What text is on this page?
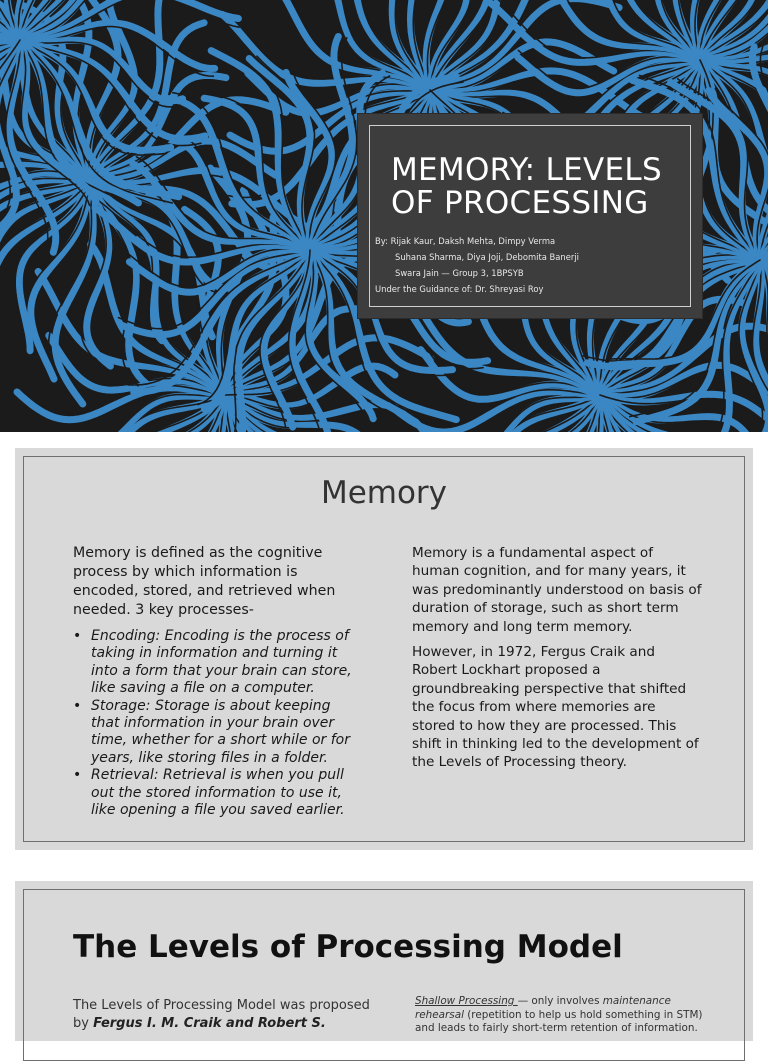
MEMORY: LEVELS
OF PROCESSING
By: Rijak Kaur, Daksh Mehta, Dimpy Verma
Suhana Sharma, Diya Joji, Debomita Banerji
Swara Jain — Group 3, 1BPSYB
Under the Guidance of: Dr. Shreyasi Roy
Memory

Memory is defined as the cognitive process by which information is encoded, stored, and retrieved when needed. 3 key processes-

• Encoding: Encoding is the process of taking in information and turning it into a form that your brain can store, like saving a file on a computer.
• Storage: Storage is about keeping that information in your brain over time, whether for a short while or for years, like storing files in a folder.
• Retrieval: Retrieval is when you pull out the stored information to use it, like opening a file you saved earlier.

Memory is a fundamental aspect of human cognition, and for many years, it was predominantly understood on basis of duration of storage, such as short term memory and long term memory.

However, in 1972, Fergus Craik and Robert Lockhart proposed a groundbreaking perspective that shifted the focus from where memories are stored to how they are processed. This shift in thinking led to the development of the Levels of Processing theory.

The Levels of Processing Model
The Levels of Processing Model was proposed by Fergus I. M. Craik and Robert S.
Shallow Processing — only involves maintenance rehearsal (repetition to help us hold something in STM) and leads to fairly short-term retention of information.
